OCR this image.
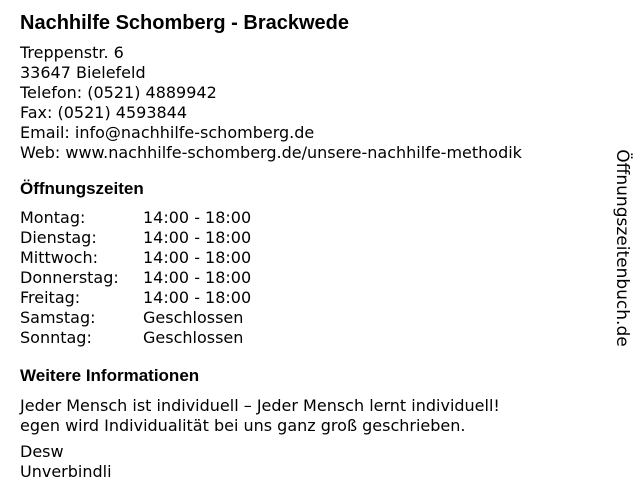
Nachhilfe Schomberg - Brackwede
Treppenstr. 6
33647 Bielefeld
Telefon: (0521) 4889942
Fax: (0521) 4593844
Email: info@nachhilfe-schomberg.de
Web: www.nachhilfe-schomberg.de/unsere-nachhilfe-methodik
Öffnungszeiten
Montag:	14:00 - 18:00
Dienstag:	14:00 - 18:00
Mittwoch:	14:00 - 18:00
Donnerstag:	14:00 - 18:00
Freitag:	14:00 - 18:00
Samstag:	Geschlossen
Sonntag:	Geschlossen
Weitere Informationen
Jeder Mensch ist individuell – Jeder Mensch lernt individuell!
egen wird Individualität bei uns ganz groß geschrieben.
Desw
Unverbindli
Öffnungszeitenbuch.de
